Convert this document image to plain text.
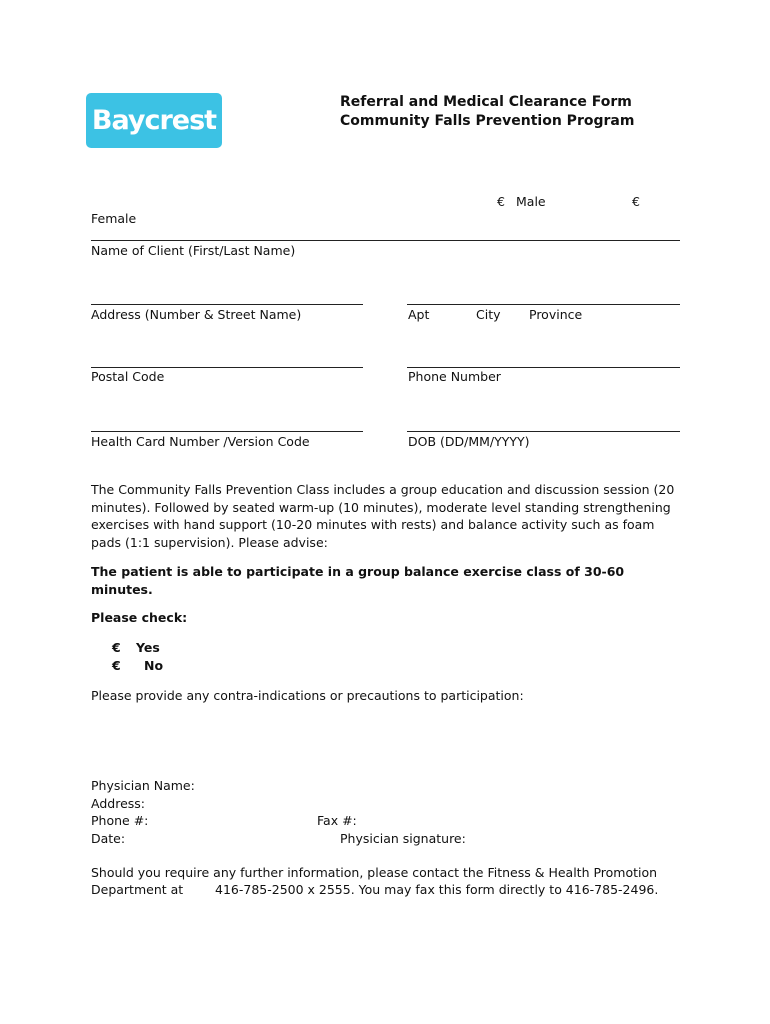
Baycrest
Referral and Medical Clearance Form
Community Falls Prevention Program
€ Male	€
Female
Name of Client (First/Last Name)
Address (Number & Street Name)	Apt	City Province
Postal Code	Phone Number
Health Card Number /Version Code	DOB (DD/MM/YYYY)
The Community Falls Prevention Class includes a group education and discussion session (20 minutes). Followed by seated warm-up (10 minutes), moderate level standing strengthening exercises with hand support (10-20 minutes with rests) and balance activity such as foam pads (1:1 supervision). Please advise:
The patient is able to participate in a group balance exercise class of 30-60 minutes.
Please check:
€ Yes
€ No
Please provide any contra-indications or precautions to participation:
Physician Name:
Address:
Phone #:	Fax #:
Date:	Physician signature:
Should you require any further information, please contact the Fitness & Health Promotion
Department at	416-785-2500 x 2555. You may fax this form directly to 416-785-2496.
